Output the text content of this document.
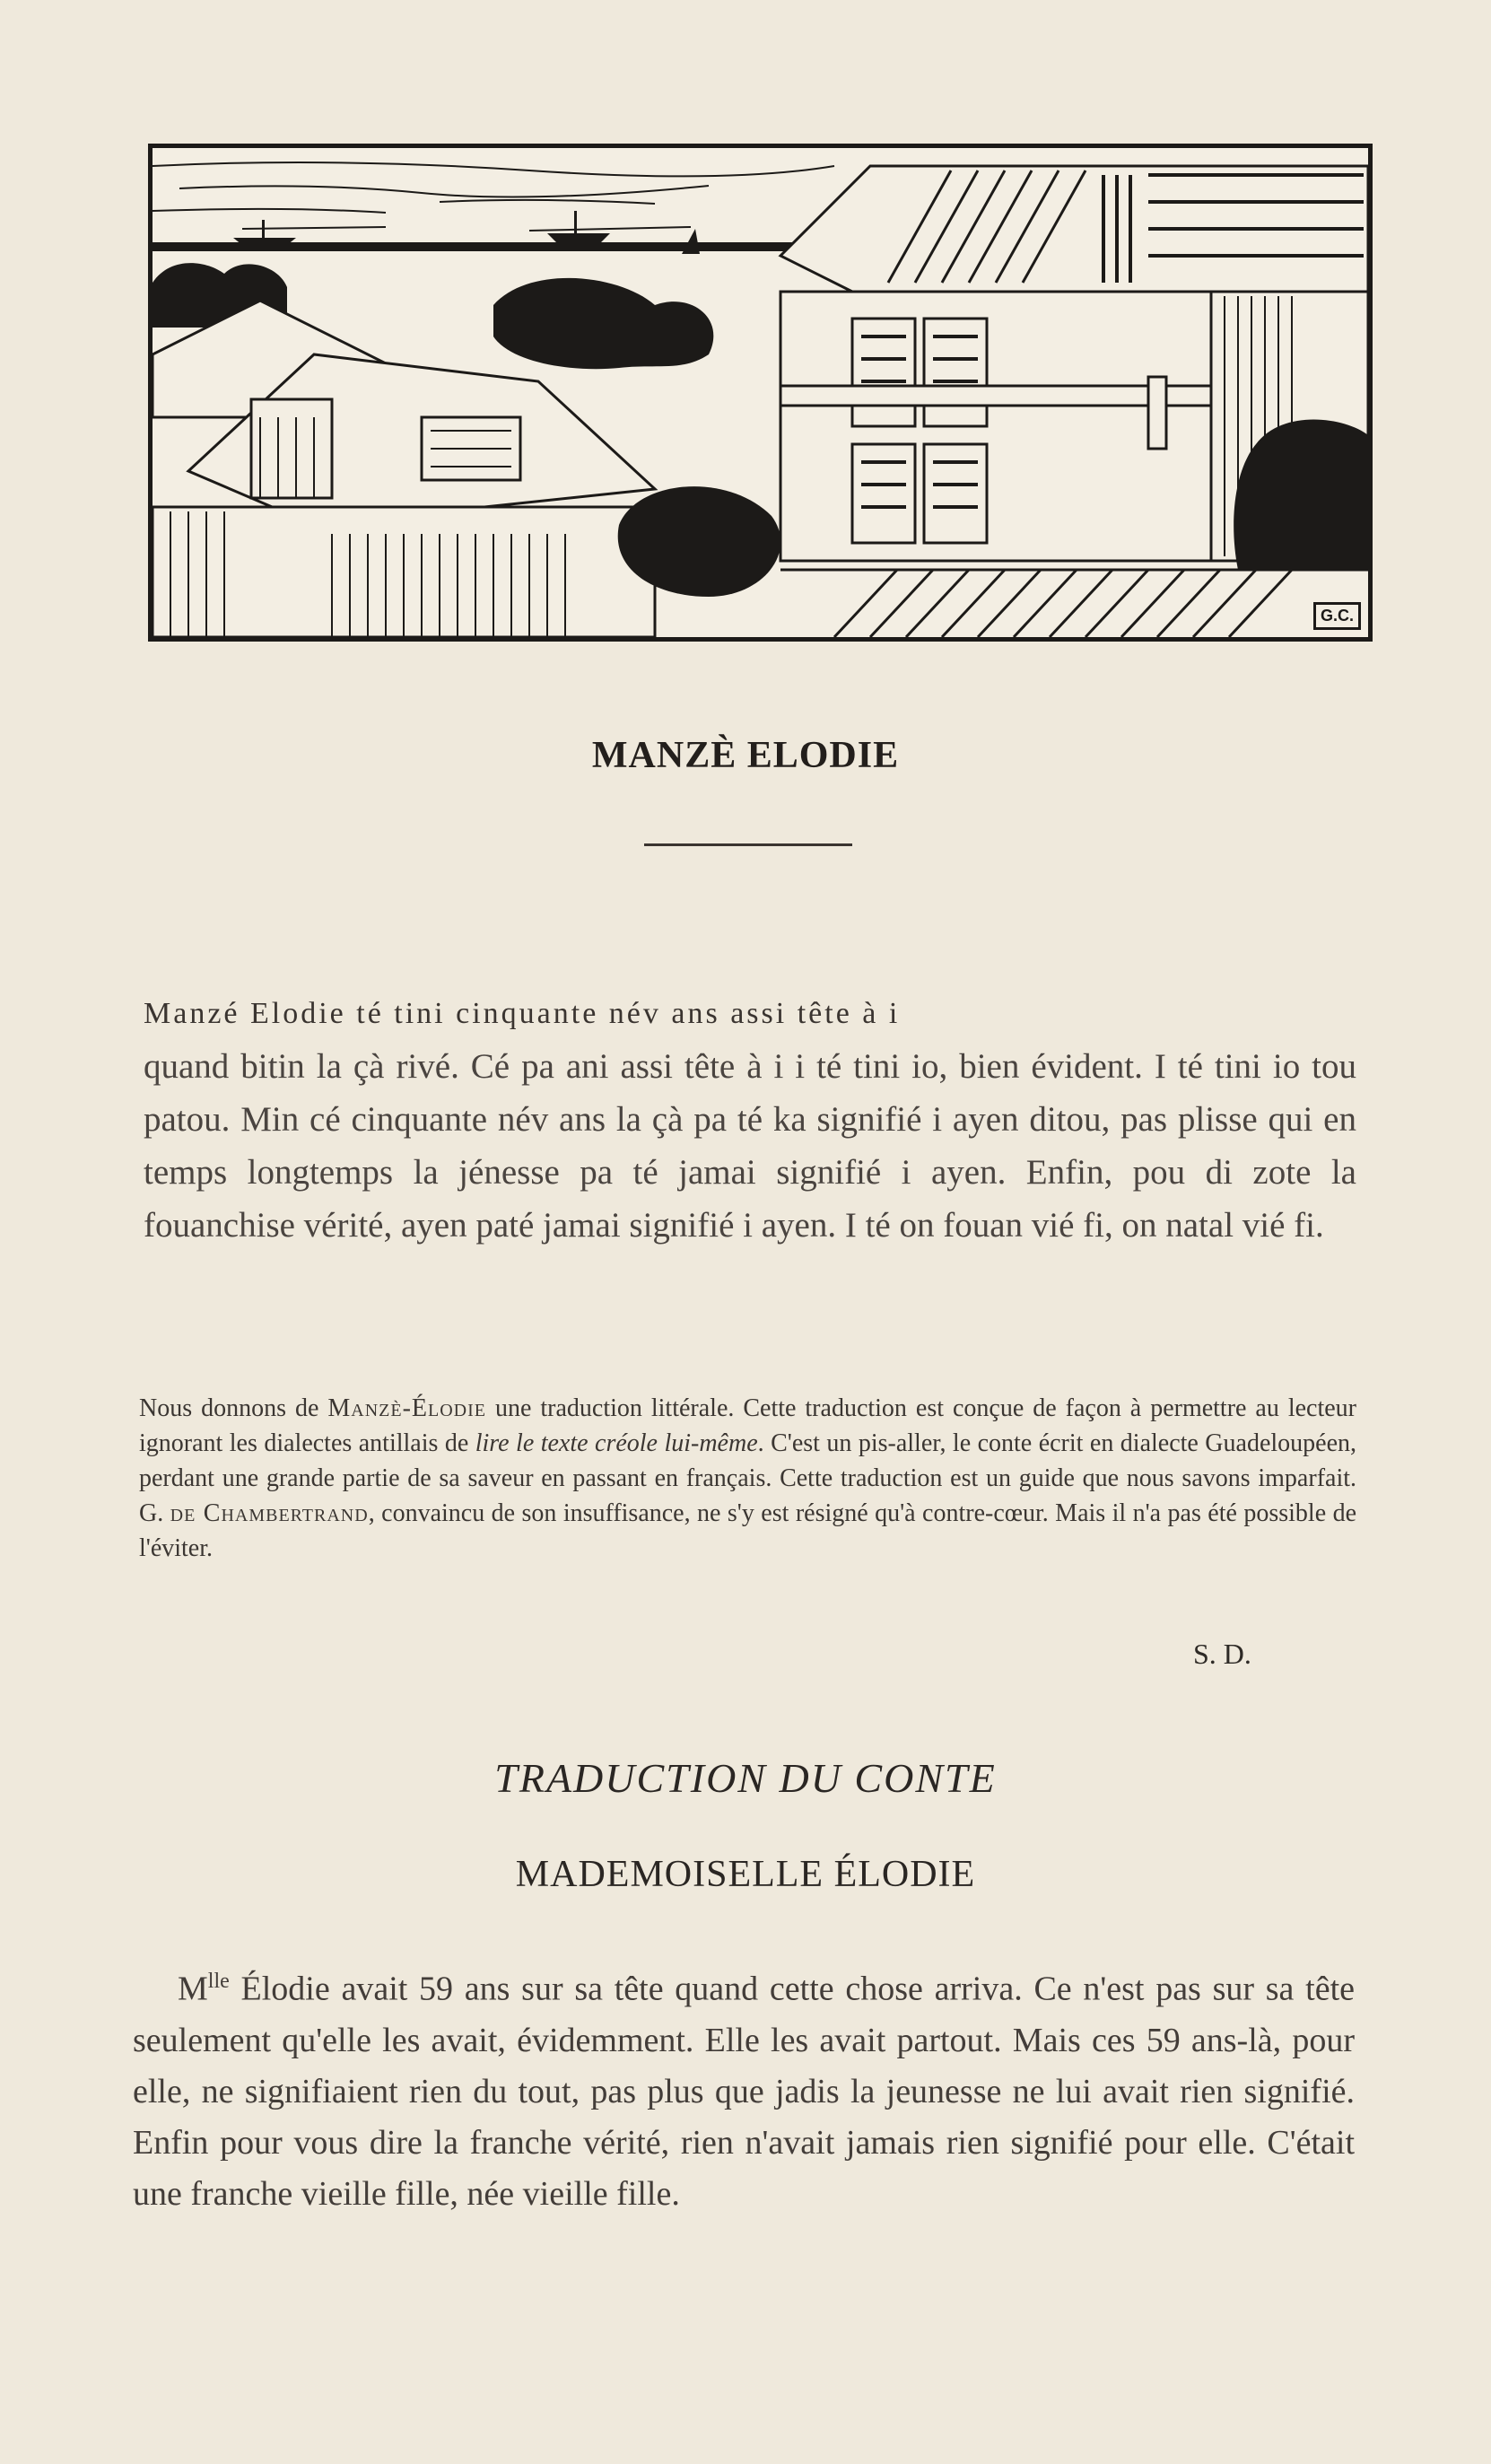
G.C.
MANZÈ ELODIE
Manzé Elodie té tini cinquante név ans assi tête à i
quand bitin la çà rivé. Cé pa ani assi tête à i i té tini io, bien évident. I té tini io tou patou. Min cé cinquante név ans la çà pa té ka signifié i ayen ditou, pas plisse qui en temps longtemps la jénesse pa té jamai signifié i ayen. Enfin, pou di zote la fouanchise vérité, ayen paté jamai signifié i ayen. I té on fouan vié fi, on natal vié fi.
Nous donnons de Manzè-Élodie une traduction littérale. Cette traduction est conçue de façon à permettre au lecteur ignorant les dialectes antillais de lire le texte créole lui-même. C'est un pis-aller, le conte écrit en dialecte Guadeloupéen, perdant une grande partie de sa saveur en passant en français. Cette traduction est un guide que nous savons imparfait. G. de Chambertrand, convaincu de son insuffisance, ne s'y est résigné qu'à contre-cœur. Mais il n'a pas été possible de l'éviter.
S. D.
TRADUCTION DU CONTE
MADEMOISELLE ÉLODIE

$M^{lle}$ Élodie avait 59 ans sur sa tête quand cette chose arriva. Ce n'est pas sur sa tête seulement qu'elle les avait, évidemment. Elle les avait partout. Mais ces 59 ans-là, pour elle, ne signifiaient rien du tout, pas plus que jadis la jeunesse ne lui avait rien signifié. Enfin pour vous dire la franche vérité, rien n'avait jamais rien signifié pour elle. C'était une franche vieille fille, née vieille fille.
